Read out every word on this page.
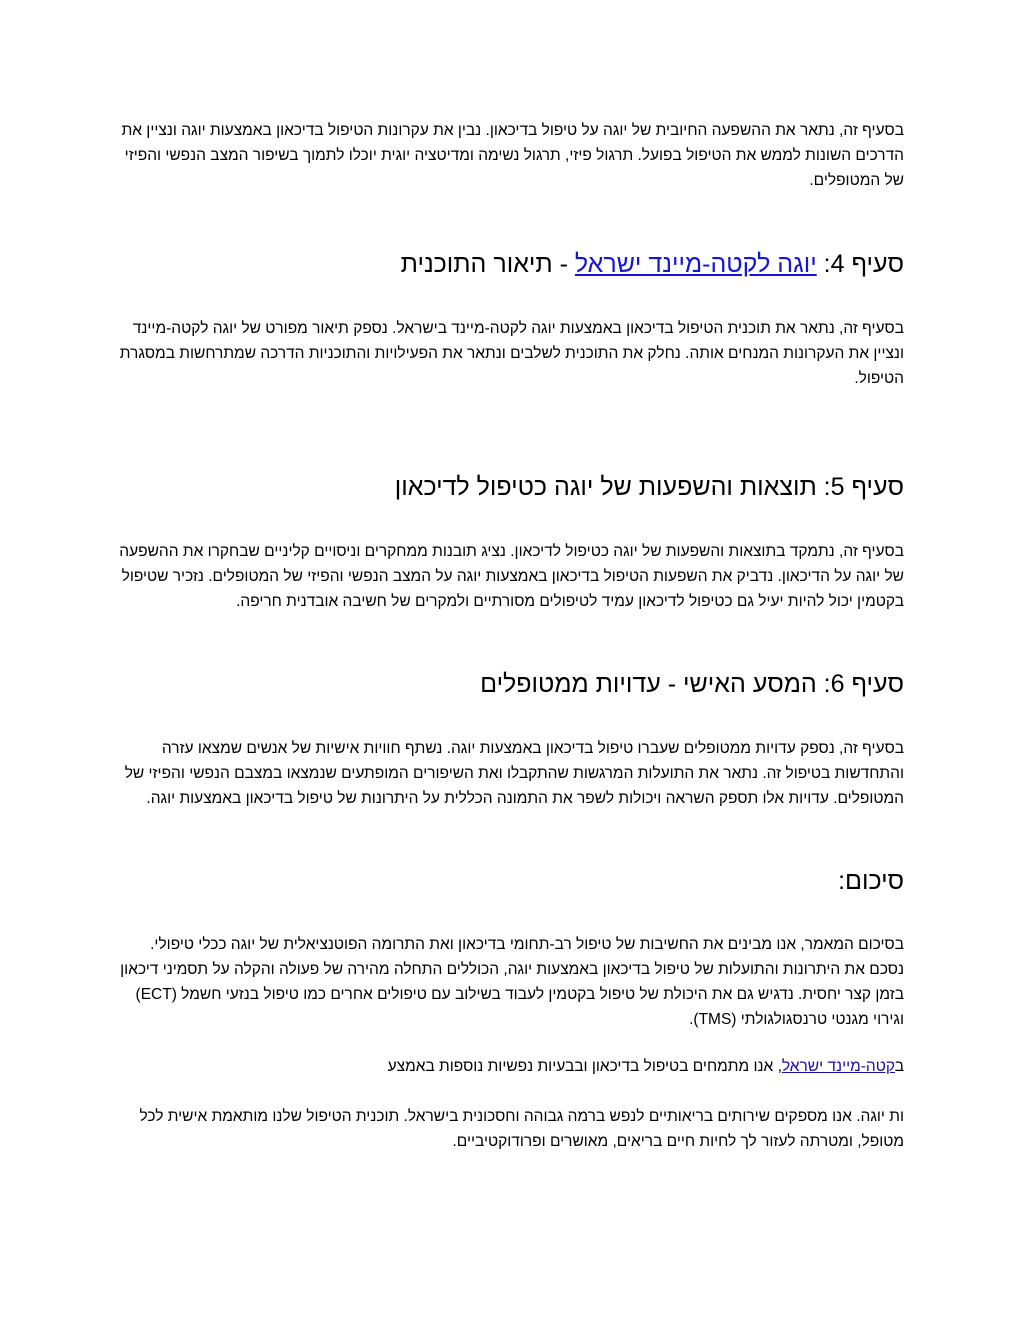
בסעיף זה, נתאר את ההשפעה החיובית של יוגה על טיפול בדיכאון. נבין את עקרונות הטיפול בדיכאון באמצעות יוגה ונציין את הדרכים השונות לממש את הטיפול בפועל. תרגול פיזי, תרגול נשימה ומדיטציה יוגית יוכלו לתמוך בשיפור המצב הנפשי והפיזי של המטופלים.

סעיף 4: יוגה לקטה-מיינד ישראל - תיאור התוכנית

בסעיף זה, נתאר את תוכנית הטיפול בדיכאון באמצעות יוגה לקטה-מיינד בישראל. נספק תיאור מפורט של יוגה לקטה-מיינד ונציין את העקרונות המנחים אותה. נחלק את התוכנית לשלבים ונתאר את הפעילויות והתוכניות הדרכה שמתרחשות במסגרת הטיפול.

סעיף 5: תוצאות והשפעות של יוגה כטיפול לדיכאון

בסעיף זה, נתמקד בתוצאות והשפעות של יוגה כטיפול לדיכאון. נציג תובנות ממחקרים וניסויים קליניים שבחקרו את ההשפעה של יוגה על הדיכאון. נדביק את השפעות הטיפול בדיכאון באמצעות יוגה על המצב הנפשי והפיזי של המטופלים. נזכיר שטיפול בקטמין יכול להיות יעיל גם כטיפול לדיכאון עמיד לטיפולים מסורתיים ולמקרים של חשיבה אובדנית חריפה.

סעיף 6: המסע האישי - עדויות ממטופלים

בסעיף זה, נספק עדויות ממטופלים שעברו טיפול בדיכאון באמצעות יוגה. נשתף חוויות אישיות של אנשים שמצאו עזרה והתחדשות בטיפול זה. נתאר את התועלות המרגשות שהתקבלו ואת השיפורים המופתעים שנמצאו במצבם הנפשי והפיזי של המטופלים. עדויות אלו תספק השראה ויכולות לשפר את התמונה הכללית על היתרונות של טיפול בדיכאון באמצעות יוגה.

סיכום:

בסיכום המאמר, אנו מבינים את החשיבות של טיפול רב-תחומי בדיכאון ואת התרומה הפוטנציאלית של יוגה ככלי טיפולי. נסכם את היתרונות והתועלות של טיפול בדיכאון באמצעות יוגה, הכוללים התחלה מהירה של פעולה והקלה על תסמיני דיכאון בזמן קצר יחסית. נדגיש גם את היכולת של טיפול בקטמין לעבוד בשילוב עם טיפולים אחרים כמו טיפול בנזעי חשמל (ECT) וגירוי מגנטי טרנסגולגולתי (TMS).

בקטה-מיינד ישראל, אנו מתמחים בטיפול בדיכאון ובבעיות נפשיות נוספות באמצע

ות יוגה. אנו מספקים שירותים בריאותיים לנפש ברמה גבוהה וחסכונית בישראל. תוכנית הטיפול שלנו מותאמת אישית לכל מטופל, ומטרתה לעזור לך לחיות חיים בריאים, מאושרים ופרודוקטיביים.
